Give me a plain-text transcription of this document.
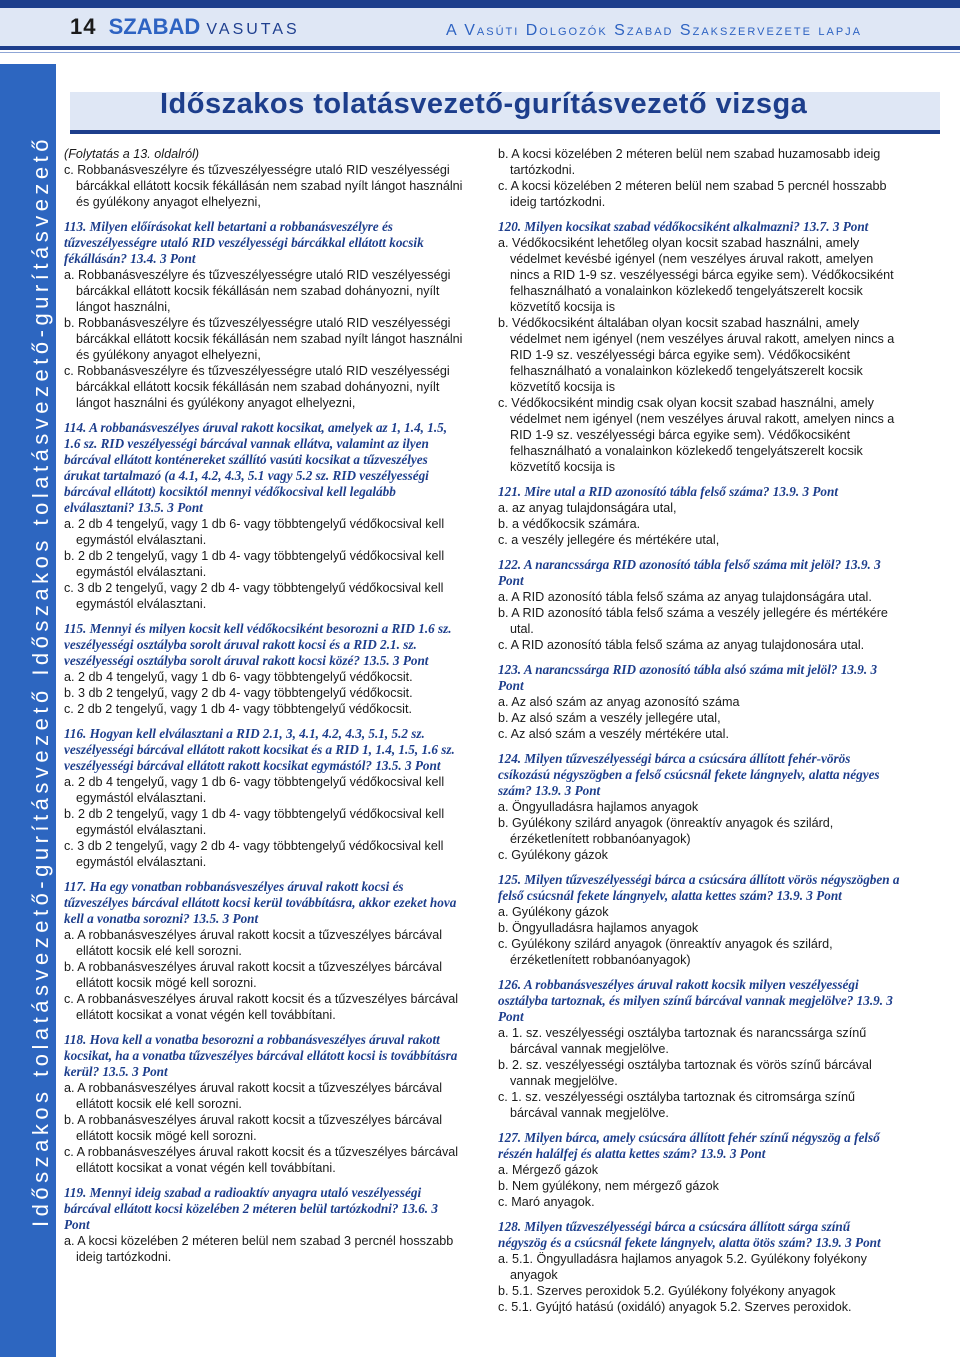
14 SZABAD VASUTAS	A Vasúti Dolgozók Szabad Szakszervezete lapja
Időszakos tolatásvezető-gurításvezető Időszakos tolatásvezető-gurításvezető
Időszakos tolatásvezető-gurításvezető vizsga

(Folytatás a 13. oldalról)

c. Robbanásveszélyre és tűzveszélyességre utaló RID veszélyességi bárcákkal ellátott kocsik fékállásán nem szabad nyílt lángot használni és gyúlékony anyagot elhelyezni,

113. Milyen előírásokat kell betartani a robbanásveszélyre és tűzveszélyességre utaló RID veszélyességi bárcákkal ellátott kocsik fékállásán? 13.4. 3 Pont

a. Robbanásveszélyre és tűzveszélyességre utaló RID veszélyességi bárcákkal ellátott kocsik fékállásán nem szabad dohányozni, nyílt lángot használni,

b. Robbanásveszélyre és tűzveszélyességre utaló RID veszélyességi bárcákkal ellátott kocsik fékállásán nem szabad nyílt lángot használni és gyúlékony anyagot elhelyezni,

c. Robbanásveszélyre és tűzveszélyességre utaló RID veszélyességi bárcákkal ellátott kocsik fékállásán nem szabad dohányozni, nyílt lángot használni és gyúlékony anyagot elhelyezni,

114. A robbanásveszélyes áruval rakott kocsikat, amelyek az 1, 1.4, 1.5, 1.6 sz. RID veszélyességi bárcával vannak ellátva, valamint az ilyen bárcával ellátott konténereket szállító vasúti kocsikat a tűzveszélyes árukat tartalmazó (a 4.1, 4.2, 4.3, 5.1 vagy 5.2 sz. RID veszélyességi bárcával ellátott) kocsiktól mennyi védőkocsival kell legalább elválasztani? 13.5. 3 Pont

a. 2 db 4 tengelyű, vagy 1 db 6- vagy többtengelyű védőkocsival kell egymástól elválasztani.

b. 2 db 2 tengelyű, vagy 1 db 4- vagy többtengelyű védőkocsival kell egymástól elválasztani.

c. 3 db 2 tengelyű, vagy 2 db 4- vagy többtengelyű védőkocsival kell egymástól elválasztani.

115. Mennyi és milyen kocsit kell védőkocsiként besorozni a RID 1.6 sz. veszélyességi osztályba sorolt áruval rakott kocsi és a RID 2.1. sz. veszélyességi osztályba sorolt áruval rakott kocsi közé? 13.5. 3 Pont

a. 2 db 4 tengelyű, vagy 1 db 6- vagy többtengelyű védőkocsit.

b. 3 db 2 tengelyű, vagy 2 db 4- vagy többtengelyű védőkocsit.

c. 2 db 2 tengelyű, vagy 1 db 4- vagy többtengelyű védőkocsit.

116. Hogyan kell elválasztani a RID 2.1, 3, 4.1, 4.2, 4.3, 5.1, 5.2 sz. veszélyességi bárcával ellátott rakott kocsikat és a RID 1, 1.4, 1.5, 1.6 sz. veszélyességi bárcával ellátott rakott kocsikat egymástól? 13.5. 3 Pont

a. 2 db 4 tengelyű, vagy 1 db 6- vagy többtengelyű védőkocsival kell egymástól elválasztani.

b. 2 db 2 tengelyű, vagy 1 db 4- vagy többtengelyű védőkocsival kell egymástól elválasztani.

c. 3 db 2 tengelyű, vagy 2 db 4- vagy többtengelyű védőkocsival kell egymástól elválasztani.

117. Ha egy vonatban robbanásveszélyes áruval rakott kocsi és tűzveszélyes bárcával ellátott kocsi kerül továbbításra, akkor ezeket hova kell a vonatba sorozni? 13.5. 3 Pont

a. A robbanásveszélyes áruval rakott kocsit a tűzveszélyes bárcával ellátott kocsik elé kell sorozni.

b. A robbanásveszélyes áruval rakott kocsit a tűzveszélyes bárcával ellátott kocsik mögé kell sorozni.

c. A robbanásveszélyes áruval rakott kocsit és a tűzveszélyes bárcával ellátott kocsikat a vonat végén kell továbbítani.

118. Hova kell a vonatba besorozni a robbanásveszélyes áruval rakott kocsikat, ha a vonatba tűzveszélyes bárcával ellátott kocsi is továbbításra kerül? 13.5. 3 Pont

a. A robbanásveszélyes áruval rakott kocsit a tűzveszélyes bárcával ellátott kocsik elé kell sorozni.

b. A robbanásveszélyes áruval rakott kocsit a tűzveszélyes bárcával ellátott kocsik mögé kell sorozni.

c. A robbanásveszélyes áruval rakott kocsit és a tűzveszélyes bárcával ellátott kocsikat a vonat végén kell továbbítani.

119. Mennyi ideig szabad a radioaktív anyagra utaló veszélyességi bárcával ellátott kocsi közelében 2 méteren belül tartózkodni? 13.6. 3 Pont

a. A kocsi közelében 2 méteren belül nem szabad 3 percnél hosszabb ideig tartózkodni.

b. A kocsi közelében 2 méteren belül nem szabad huzamosabb ideig tartózkodni.

c. A kocsi közelében 2 méteren belül nem szabad 5 percnél hosszabb ideig tartózkodni.

120. Milyen kocsikat szabad védőkocsiként alkalmazni? 13.7. 3 Pont

a. Védőkocsiként lehetőleg olyan kocsit szabad használni, amely védelmet kevésbé igényel (nem veszélyes áruval rakott, amelyen nincs a RID 1-9 sz. veszélyességi bárca egyike sem). Védőkocsiként felhasználható a vonalainkon közlekedő tengelyátszerelt kocsik közvetítő kocsija is

b. Védőkocsiként általában olyan kocsit szabad használni, amely védelmet nem igényel (nem veszélyes áruval rakott, amelyen nincs a RID 1-9 sz. veszélyességi bárca egyike sem). Védőkocsiként felhasználható a vonalainkon közlekedő tengelyátszerelt kocsik közvetítő kocsija is

c. Védőkocsiként mindig csak olyan kocsit szabad használni, amely védelmet nem igényel (nem veszélyes áruval rakott, amelyen nincs a RID 1-9 sz. veszélyességi bárca egyike sem). Védőkocsiként felhasználható a vonalainkon közlekedő tengelyátszerelt kocsik közvetítő kocsija is

121. Mire utal a RID azonosító tábla felső száma? 13.9. 3 Pont

a. az anyag tulajdonságára utal,

b. a védőkocsik számára.

c. a veszély jellegére és mértékére utal,

122. A narancssárga RID azonosító tábla felső száma mit jelöl? 13.9. 3 Pont

a. A RID azonosító tábla felső száma az anyag tulajdonságára utal.

b. A RID azonosító tábla felső száma a veszély jellegére és mértékére utal.

c. A RID azonosító tábla felső száma az anyag tulajdonosára utal.

123. A narancssárga RID azonosító tábla alsó száma mit jelöl? 13.9. 3 Pont

a. Az alsó szám az anyag azonosító száma

b. Az alsó szám a veszély jellegére utal,

c. Az alsó szám a veszély mértékére utal.

124. Milyen tűzveszélyességi bárca a csúcsára állított fehér-vörös csíkozású négyszögben a felső csúcsnál fekete lángnyelv, alatta négyes szám? 13.9. 3 Pont

a. Öngyulladásra hajlamos anyagok

b. Gyúlékony szilárd anyagok (önreaktív anyagok és szilárd, érzéketlenített robbanóanyagok)

c. Gyúlékony gázok

125. Milyen tűzveszélyességi bárca a csúcsára állított vörös négyszögben a felső csúcsnál fekete lángnyelv, alatta kettes szám? 13.9. 3 Pont

a. Gyúlékony gázok

b. Öngyulladásra hajlamos anyagok

c. Gyúlékony szilárd anyagok (önreaktív anyagok és szilárd, érzéketlenített robbanóanyagok)

126. A robbanásveszélyes áruval rakott kocsik milyen veszélyességi osztályba tartoznak, és milyen színű bárcával vannak megjelölve? 13.9. 3 Pont

a. 1. sz. veszélyességi osztályba tartoznak és narancssárga színű bárcával vannak megjelölve.

b. 2. sz. veszélyességi osztályba tartoznak és vörös színű bárcával vannak megjelölve.

c. 1. sz. veszélyességi osztályba tartoznak és citromsárga színű bárcával vannak megjelölve.

127. Milyen bárca, amely csúcsára állított fehér színű négyszög a felső részén halálfej és alatta kettes szám? 13.9. 3 Pont

a. Mérgező gázok

b. Nem gyúlékony, nem mérgező gázok

c. Maró anyagok.

128. Milyen tűzveszélyességi bárca a csúcsára állított sárga színű négyszög és a csúcsnál fekete lángnyelv, alatta ötös szám? 13.9. 3 Pont

a. 5.1. Öngyulladásra hajlamos anyagok 5.2. Gyúlékony folyékony anyagok

b. 5.1. Szerves peroxidok 5.2. Gyúlékony folyékony anyagok

c. 5.1. Gyújtó hatású (oxidáló) anyagok 5.2. Szerves peroxidok.
